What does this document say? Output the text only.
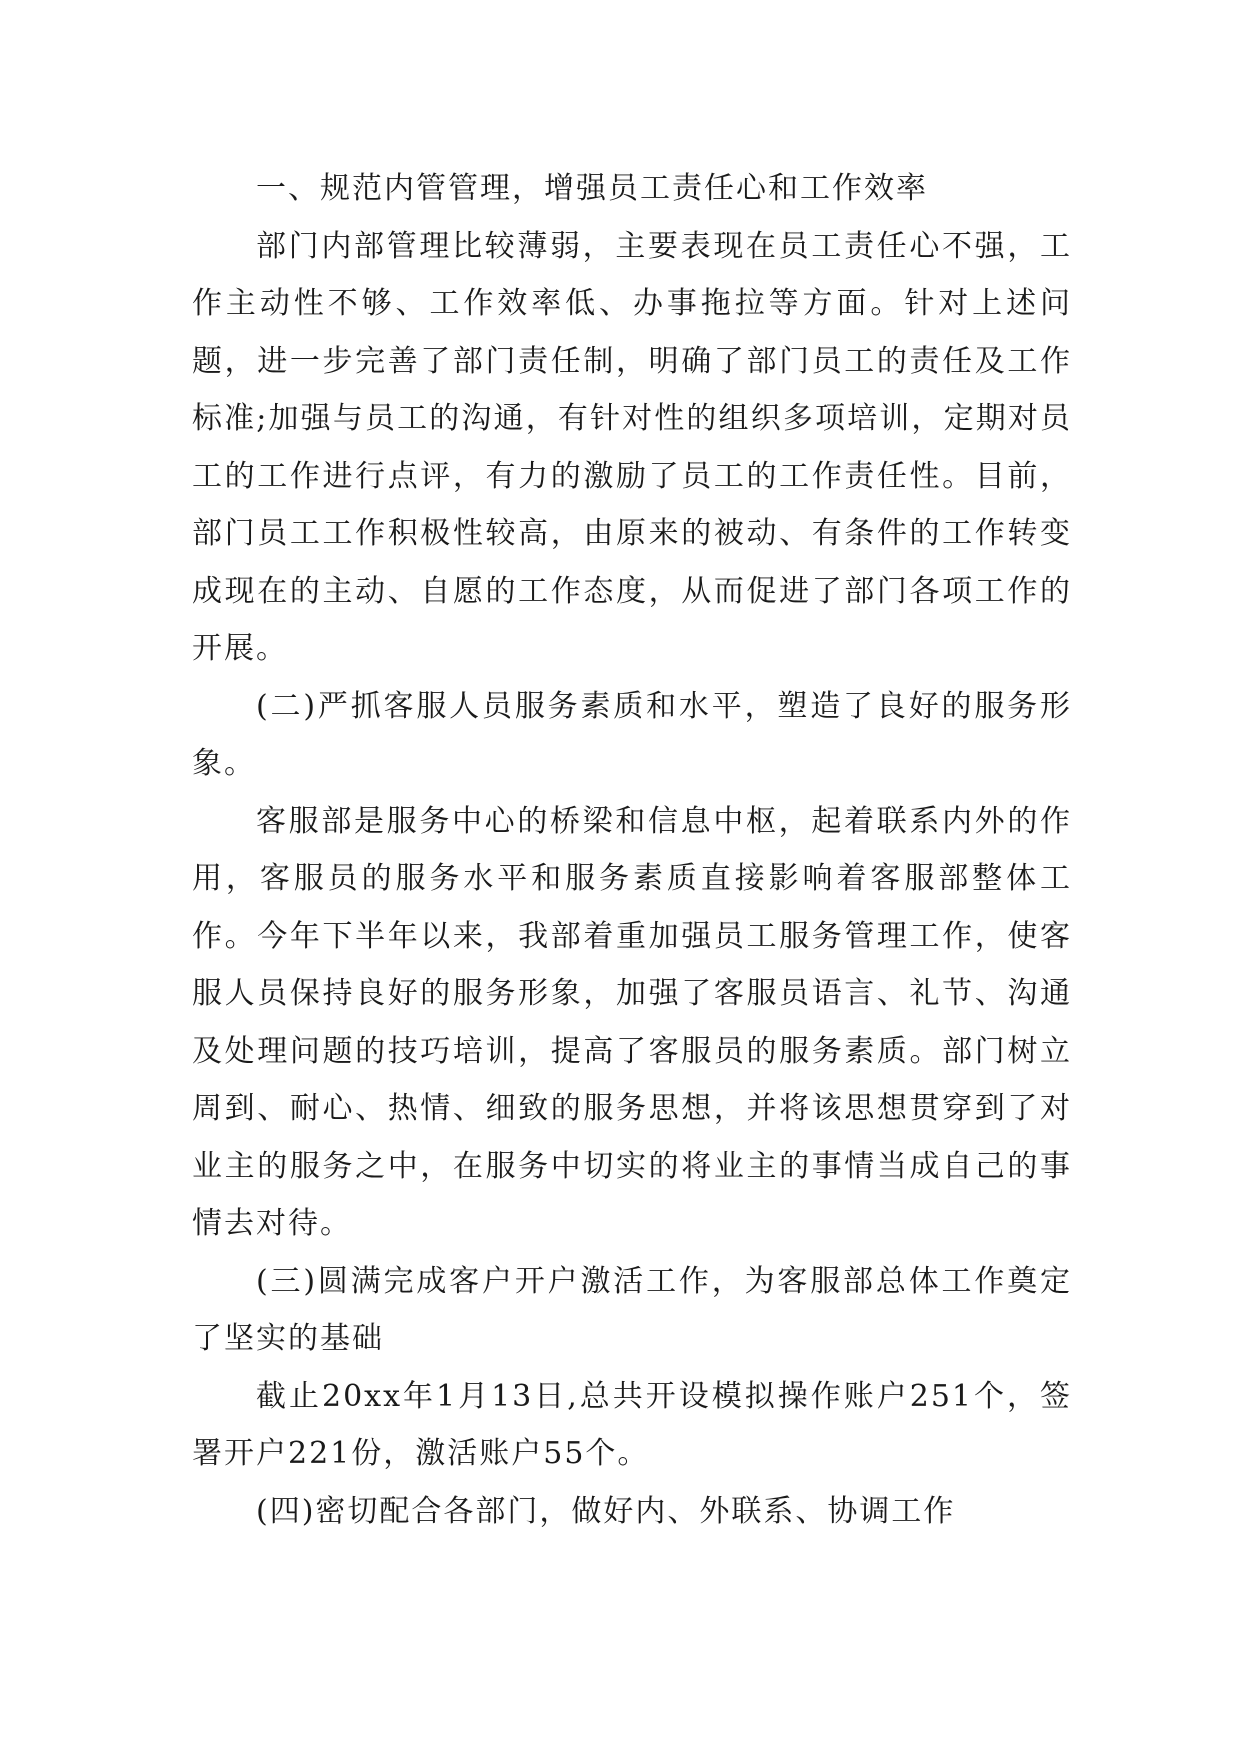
一、规范内管管理，增强员工责任心和工作效率

部门内部管理比较薄弱，主要表现在员工责任心不强，工作主动性不够、工作效率低、办事拖拉等方面。针对上述问题，进一步完善了部门责任制，明确了部门员工的责任及工作标准;加强与员工的沟通，有针对性的组织多项培训，定期对员工的工作进行点评，有力的激励了员工的工作责任性。目前，部门员工工作积极性较高，由原来的被动、有条件的工作转变成现在的主动、自愿的工作态度，从而促进了部门各项工作的开展。

(二)严抓客服人员服务素质和水平，塑造了良好的服务形象。

客服部是服务中心的桥梁和信息中枢，起着联系内外的作用，客服员的服务水平和服务素质直接影响着客服部整体工作。今年下半年以来，我部着重加强员工服务管理工作，使客服人员保持良好的服务形象，加强了客服员语言、礼节、沟通及处理问题的技巧培训，提高了客服员的服务素质。部门树立周到、耐心、热情、细致的服务思想，并将该思想贯穿到了对业主的服务之中，在服务中切实的将业主的事情当成自己的事情去对待。

(三)圆满完成客户开户激活工作，为客服部总体工作奠定了坚实的基础

截止20xx年1月13日,总共开设模拟操作账户251个，签署开户221份，激活账户55个。

(四)密切配合各部门，做好内、外联系、协调工作
